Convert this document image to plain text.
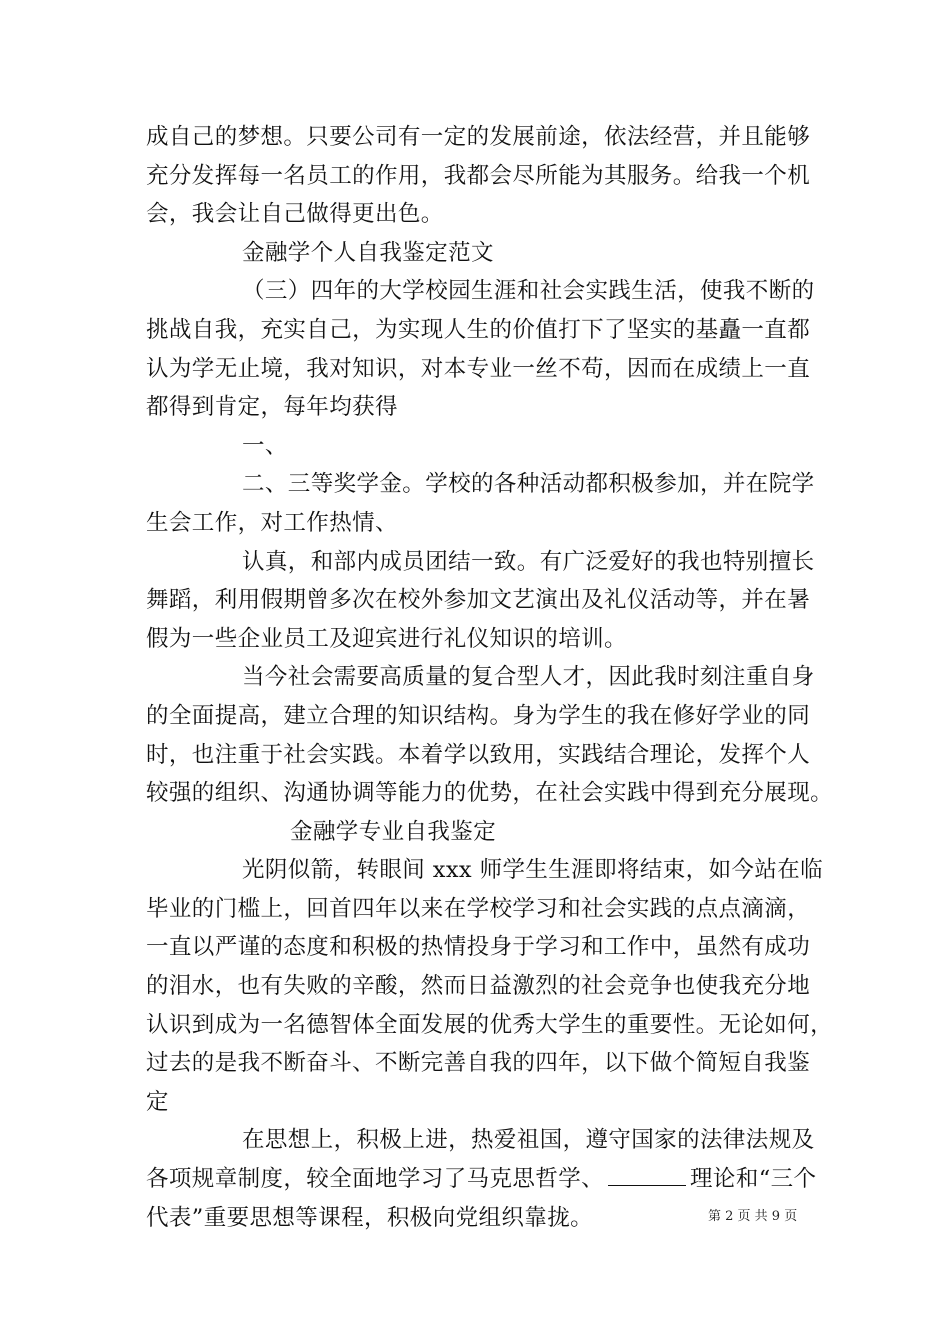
成自己的梦想。只要公司有一定的发展前途，依法经营，并且能够
充分发挥每一名员工的作用，我都会尽所能为其服务。给我一个机
会，我会让自己做得更出色。
金融学个人自我鉴定范文
（三）四年的大学校园生涯和社会实践生活，使我不断的
挑战自我，充实自己，为实现人生的价值打下了坚实的基矗一直都
认为学无止境，我对知识，对本专业一丝不苟，因而在成绩上一直
都得到肯定，每年均获得
一、
二、三等奖学金。学校的各种活动都积极参加，并在院学
生会工作，对工作热情、
认真，和部内成员团结一致。有广泛爱好的我也特别擅长
舞蹈，利用假期曾多次在校外参加文艺演出及礼仪活动等，并在暑
假为一些企业员工及迎宾进行礼仪知识的培训。
当今社会需要高质量的复合型人才，因此我时刻注重自身
的全面提高，建立合理的知识结构。身为学生的我在修好学业的同
时，也注重于社会实践。本着学以致用，实践结合理论，发挥个人
较强的组织、沟通协调等能力的优势，在社会实践中得到充分展现。
金融学专业自我鉴定
光阴似箭，转眼间 xxx 师学生生涯即将结束，如今站在临
毕业的门槛上，回首四年以来在学校学习和社会实践的点点滴滴，
一直以严谨的态度和积极的热情投身于学习和工作中，虽然有成功
的泪水，也有失败的辛酸，然而日益激烈的社会竞争也使我充分地
认识到成为一名德智体全面发展的优秀大学生的重要性。无论如何，
过去的是我不断奋斗、不断完善自我的四年，以下做个简短自我鉴
定
在思想上，积极上进，热爱祖国，遵守国家的法律法规及
各项规章制度，较全面地学习了马克思哲学、	理论和“三个
代表”重要思想等课程，积极向党组织靠拢。	第 2 页 共 9 页
